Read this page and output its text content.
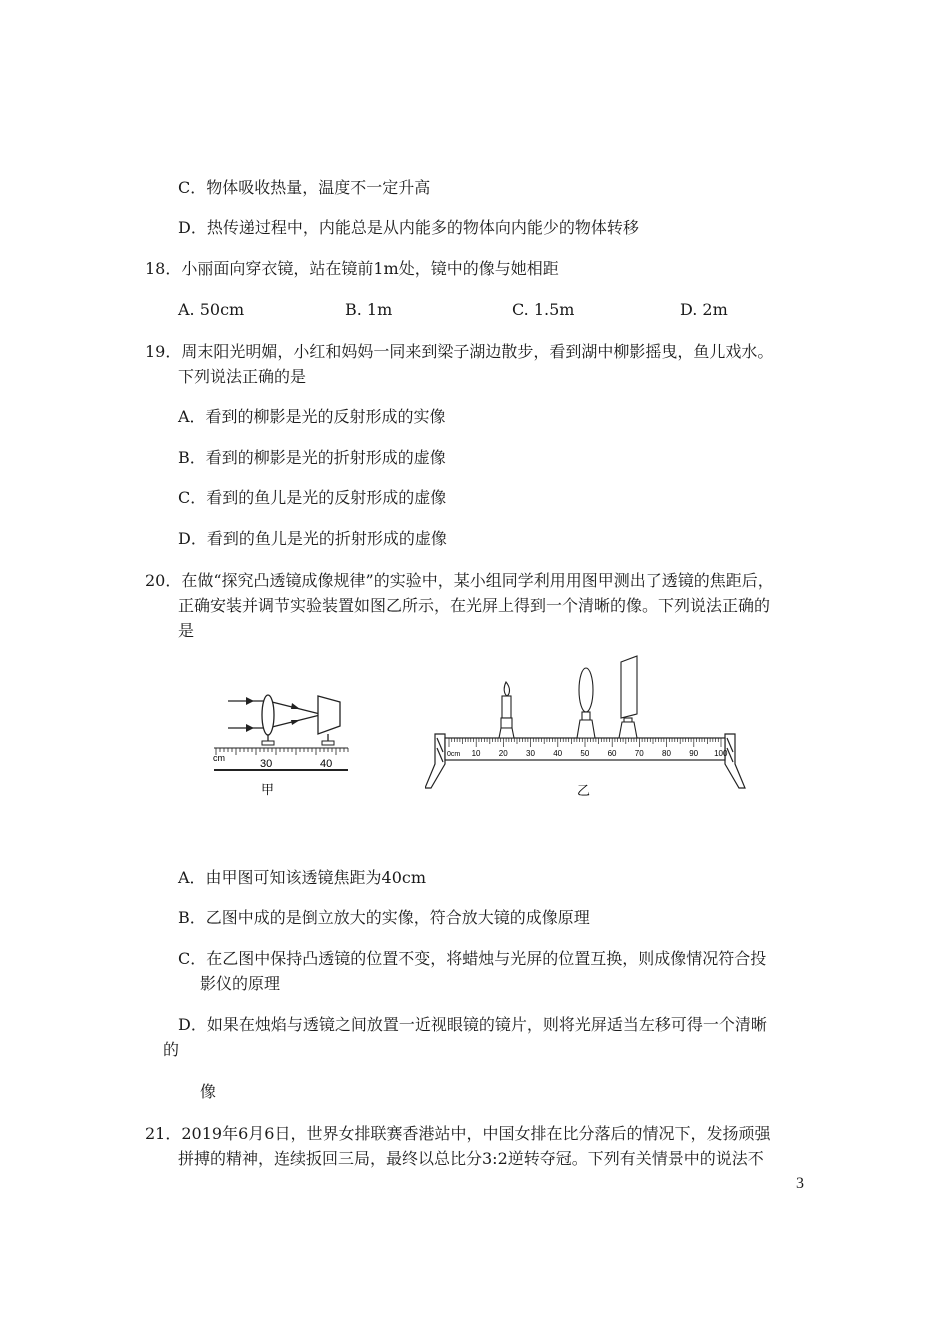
C．物体吸收热量，温度不一定升高
D．热传递过程中，内能总是从内能多的物体向内能少的物体转移
18．小丽面向穿衣镜，站在镜前1m处，镜中的像与她相距
A. 50cm	B. 1m	C. 1.5m	D. 2m
19．周末阳光明媚，小红和妈妈一同来到梁子湖边散步，看到湖中柳影摇曳，鱼儿戏水。
下列说法正确的是
A．看到的柳影是光的反射形成的实像
B．看到的柳影是光的折射形成的虚像
C．看到的鱼儿是光的反射形成的虚像
D．看到的鱼儿是光的折射形成的虚像
20．在做“探究凸透镜成像规律”的实验中，某小组同学利用用图甲测出了透镜的焦距后，
正确安装并调节实验装置如图乙所示，在光屏上得到一个清晰的像。下列说法正确的
是
cm	30	40
甲
0cm 10 20 30 40 50 60 70 80 90 100
乙
A．由甲图可知该透镜焦距为40cm
B．乙图中成的是倒立放大的实像，符合放大镜的成像原理
C．在乙图中保持凸透镜的位置不变，将蜡烛与光屏的位置互换，则成像情况符合投
影仪的原理
D．如果在烛焰与透镜之间放置一近视眼镜的镜片，则将光屏适当左移可得一个清晰
的
像
21．2019年6月6日，世界女排联赛香港站中，中国女排在比分落后的情况下，发扬顽强
拼搏的精神，连续扳回三局，最终以总比分3:2逆转夺冠。下列有关情景中的说法不
3
